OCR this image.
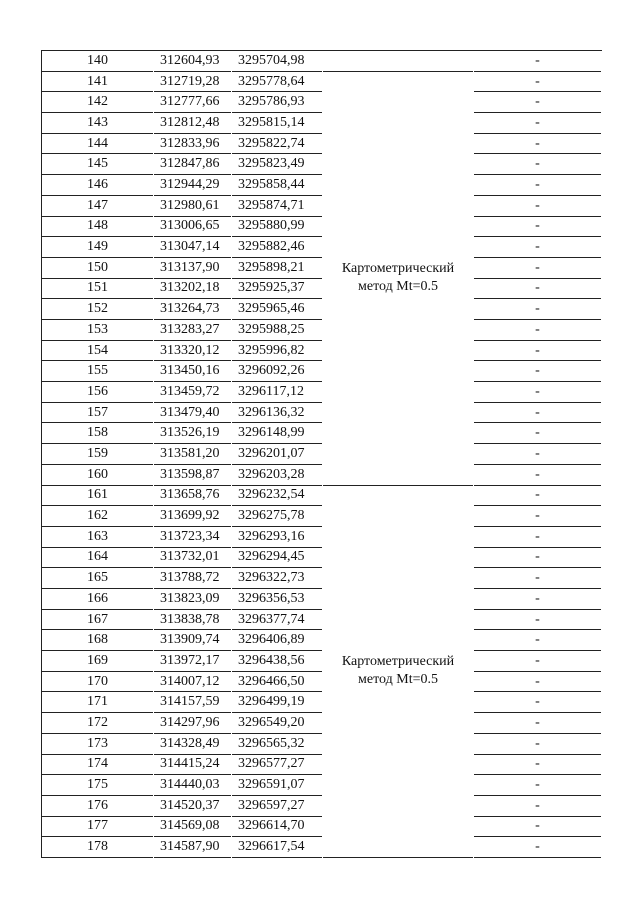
140
141
142
143
144
145
146
147
148
149
150
151
152
153
154
155
156
157
158
159
160
161
162
163
164
165
166
167
168
169
170
171
172
173
174
175
176
177
178
312604,93
312719,28
312777,66
312812,48
312833,96
312847,86
312944,29
312980,61
313006,65
313047,14
313137,90
313202,18
313264,73
313283,27
313320,12
313450,16
313459,72
313479,40
313526,19
313581,20
313598,87
313658,76
313699,92
313723,34
313732,01
313788,72
313823,09
313838,78
313909,74
313972,17
314007,12
314157,59
314297,96
314328,49
314415,24
314440,03
314520,37
314569,08
314587,90
3295704,98
3295778,64
3295786,93
3295815,14
3295822,74
3295823,49
3295858,44
3295874,71
3295880,99
3295882,46
3295898,21
3295925,37
3295965,46
3295988,25
3295996,82
3296092,26
3296117,12
3296136,32
3296148,99
3296201,07
3296203,28
3296232,54
3296275,78
3296293,16
3296294,45
3296322,73
3296356,53
3296377,74
3296406,89
3296438,56
3296466,50
3296499,19
3296549,20
3296565,32
3296577,27
3296591,07
3296597,27
3296614,70
3296617,54
Картометрический
метод Mt=0.5
Картометрический
метод Mt=0.5
-
-
-
-
-
-
-
-
-
-
-
-
-
-
-
-
-
-
-
-
-
-
-
-
-
-
-
-
-
-
-
-
-
-
-
-
-
-
-
